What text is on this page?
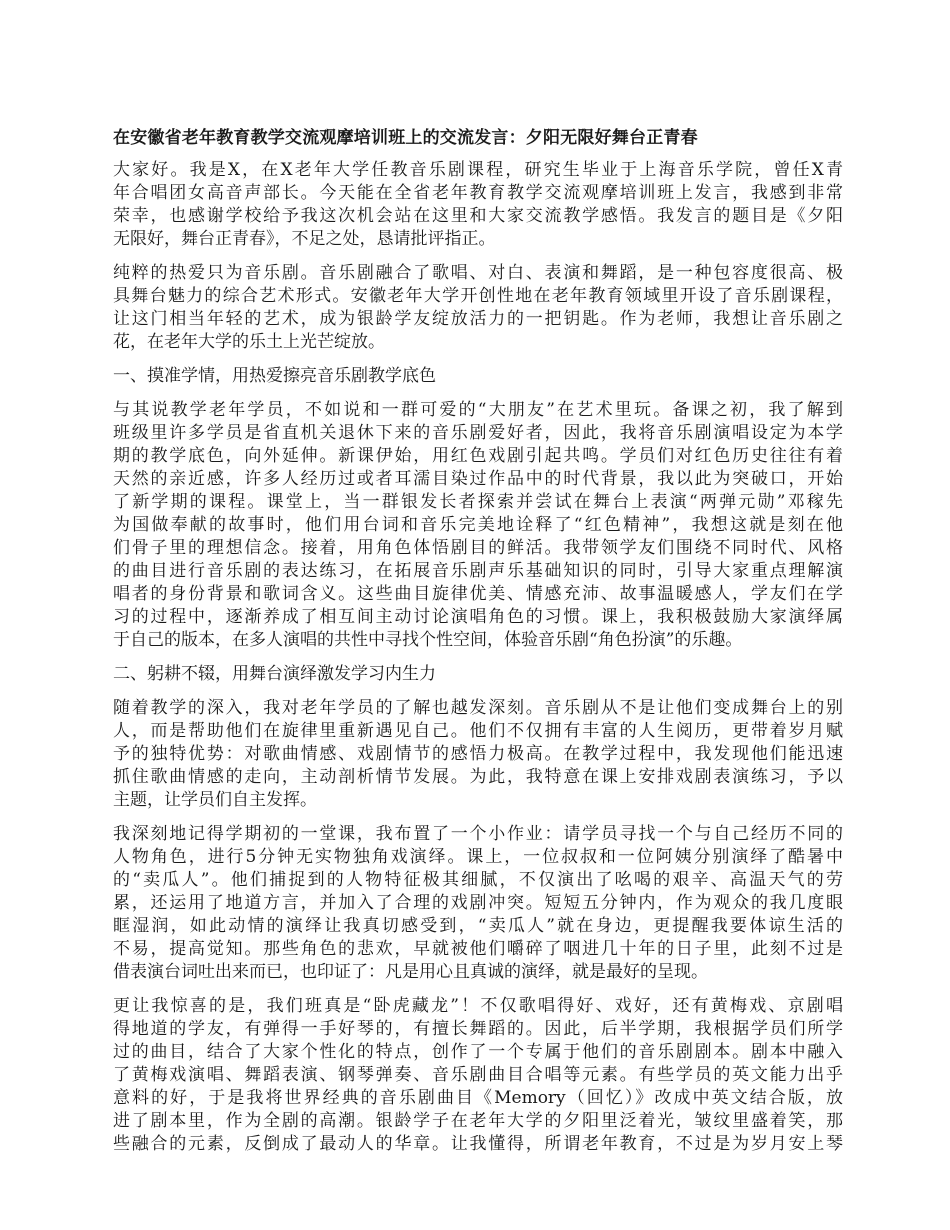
在安徽省老年教育教学交流观摩培训班上的交流发言：夕阳无限好舞台正青春
大家好。我是X，在X老年大学任教音乐剧课程，研究生毕业于上海音乐学院，曾任X青
年合唱团女高音声部长。今天能在全省老年教育教学交流观摩培训班上发言，我感到非常
荣幸，也感谢学校给予我这次机会站在这里和大家交流教学感悟。我发言的题目是《夕阳
无限好，舞台正青春》，不足之处，恳请批评指正。
纯粹的热爱只为音乐剧。音乐剧融合了歌唱、对白、表演和舞蹈，是一种包容度很高、极
具舞台魅力的综合艺术形式。安徽老年大学开创性地在老年教育领域里开设了音乐剧课程，
让这门相当年轻的艺术，成为银龄学友绽放活力的一把钥匙。作为老师，我想让音乐剧之
花，在老年大学的乐土上光芒绽放。
一、摸准学情，用热爱擦亮音乐剧教学底色
与其说教学老年学员，不如说和一群可爱的“大朋友”在艺术里玩。备课之初，我了解到
班级里许多学员是省直机关退休下来的音乐剧爱好者，因此，我将音乐剧演唱设定为本学
期的教学底色，向外延伸。新课伊始，用红色戏剧引起共鸣。学员们对红色历史往往有着
天然的亲近感，许多人经历过或者耳濡目染过作品中的时代背景，我以此为突破口，开始
了新学期的课程。课堂上，当一群银发长者探索并尝试在舞台上表演“两弹元勋”邓稼先
为国做奉献的故事时，他们用台词和音乐完美地诠释了“红色精神”，我想这就是刻在他
们骨子里的理想信念。接着，用角色体悟剧目的鲜活。我带领学友们围绕不同时代、风格
的曲目进行音乐剧的表达练习，在拓展音乐剧声乐基础知识的同时，引导大家重点理解演
唱者的身份背景和歌词含义。这些曲目旋律优美、情感充沛、故事温暖感人，学友们在学
习的过程中，逐渐养成了相互间主动讨论演唱角色的习惯。课上，我积极鼓励大家演绎属
于自己的版本，在多人演唱的共性中寻找个性空间，体验音乐剧“角色扮演”的乐趣。
二、躬耕不辍，用舞台演绎激发学习内生力
随着教学的深入，我对老年学员的了解也越发深刻。音乐剧从不是让他们变成舞台上的别
人，而是帮助他们在旋律里重新遇见自己。他们不仅拥有丰富的人生阅历，更带着岁月赋
予的独特优势：对歌曲情感、戏剧情节的感悟力极高。在教学过程中，我发现他们能迅速
抓住歌曲情感的走向，主动剖析情节发展。为此，我特意在课上安排戏剧表演练习，予以
主题，让学员们自主发挥。
我深刻地记得学期初的一堂课，我布置了一个小作业：请学员寻找一个与自己经历不同的
人物角色，进行5分钟无实物独角戏演绎。课上，一位叔叔和一位阿姨分别演绎了酷暑中
的“卖瓜人”。他们捕捉到的人物特征极其细腻，不仅演出了吆喝的艰辛、高温天气的劳
累，还运用了地道方言，并加入了合理的戏剧冲突。短短五分钟内，作为观众的我几度眼
眶湿润，如此动情的演绎让我真切感受到，“卖瓜人”就在身边，更提醒我要体谅生活的
不易，提高觉知。那些角色的悲欢，早就被他们嚼碎了咽进几十年的日子里，此刻不过是
借表演台词吐出来而已，也印证了：凡是用心且真诚的演绎，就是最好的呈现。
更让我惊喜的是，我们班真是“卧虎藏龙”！不仅歌唱得好、戏好，还有黄梅戏、京剧唱
得地道的学友，有弹得一手好琴的，有擅长舞蹈的。因此，后半学期，我根据学员们所学
过的曲目，结合了大家个性化的特点，创作了一个专属于他们的音乐剧剧本。剧本中融入
了黄梅戏演唱、舞蹈表演、钢琴弹奏、音乐剧曲目合唱等元素。有些学员的英文能力出乎
意料的好，于是我将世界经典的音乐剧曲目《Memory（回忆）》改成中英文结合版，放
进了剧本里，作为全剧的高潮。银龄学子在老年大学的夕阳里泛着光，皱纹里盛着笑，那
些融合的元素，反倒成了最动人的华章。让我懂得，所谓老年教育，不过是为岁月安上琴
